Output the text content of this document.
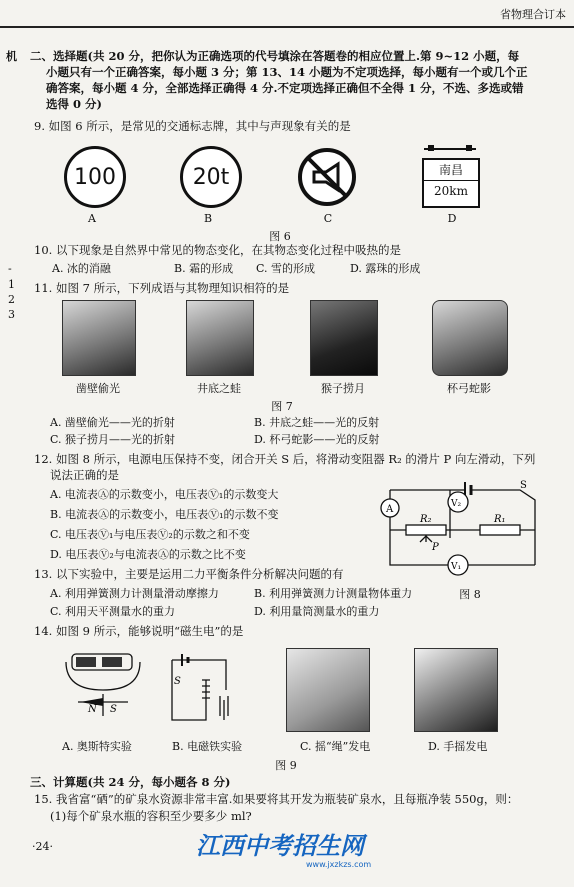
省物理合订本
机
-
1
2
3
二、选择题(共 20 分，把你认为正确选项的代号填涂在答题卷的相应位置上.第 9~12 小题，每
小题只有一个正确答案，每小题 3 分；第 13、14 小题为不定项选择，每小题有一个或几个正
确答案，每小题 4 分，全部选择正确得 4 分.不定项选择正确但不全得 1 分，不选、多选或错
选得 0 分)
9. 如图 6 所示，是常见的交通标志牌，其中与声现象有关的是
100	20t	南昌
20km
A	B	C	D
图 6
10. 以下现象是自然界中常见的物态变化，在其物态变化过程中吸热的是
A. 冰的消融	B. 霜的形成 C. 雪的形成	D. 露珠的形成
11. 如图 7 所示，下列成语与其物理知识相符的是
凿壁偷光	井底之蛙	猴子捞月	杯弓蛇影
图 7
A. 凿壁偷光——光的折射	B. 井底之蛙——光的反射
C. 猴子捞月——光的折射	D. 杯弓蛇影——光的反射
12. 如图 8 所示，电源电压保持不变，闭合开关 S 后，将滑动变阻器 R₂ 的滑片 P 向左滑动，下列
说法正确的是
A. 电流表Ⓐ的示数变小，电压表Ⓥ₁的示数变大
B. 电流表Ⓐ的示数变小，电压表Ⓥ₁的示数不变
C. 电压表Ⓥ₁与电压表Ⓥ₂的示数之和不变
D. 电压表Ⓥ₂与电流表Ⓐ的示数之比不变
A	V₂
V₁
S
R₂	R₁
P
13. 以下实验中，主要是运用二力平衡条件分析解决问题的有
A. 利用弹簧测力计测量滑动摩擦力	B. 利用弹簧测力计测量物体重力
C. 利用天平测量水的重力	D. 利用量筒测量水的重力
图 8
14. 如图 9 所示，能够说明“磁生电”的是
N S
S
A. 奥斯特实验	B. 电磁铁实验	C. 摇“绳”发电	D. 手摇发电
图 9
三、计算题(共 24 分，每小题各 8 分)
15. 我省富“硒”的矿泉水资源非常丰富.如果要将其开发为瓶装矿泉水，且每瓶净装 550g，则：
(1)每个矿泉水瓶的容积至少要多少 ml?
·24·	江西中考招生网
www.jxzkzs.com
